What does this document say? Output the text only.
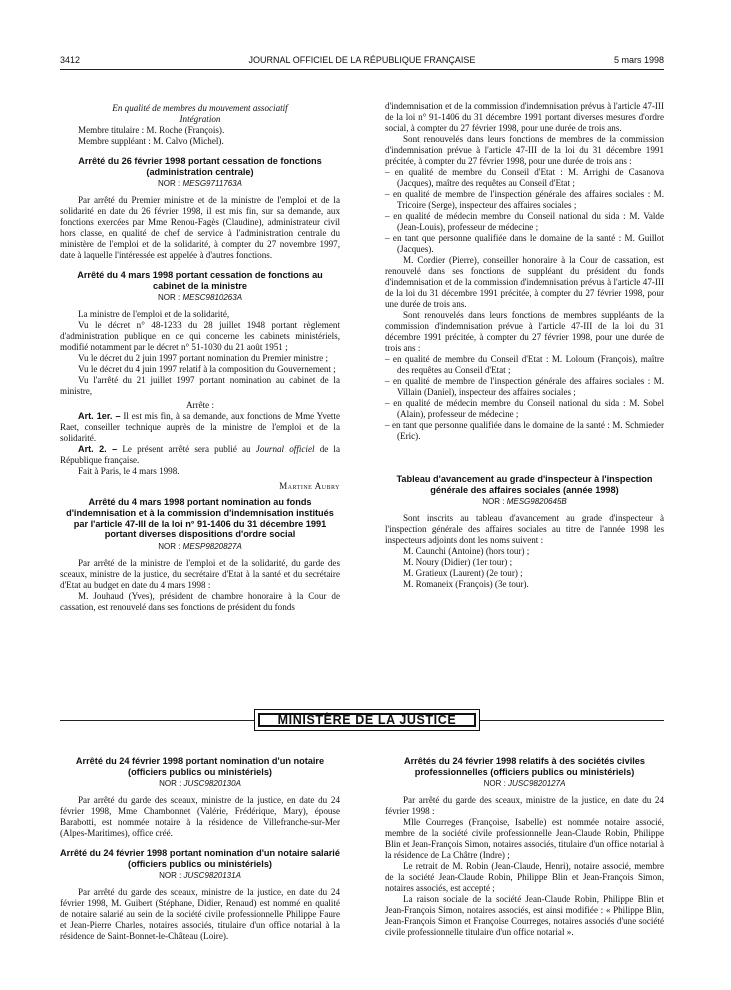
3412	JOURNAL OFFICIEL DE LA RÉPUBLIQUE FRANÇAISE	5 mars 1998

En qualité de membres du mouvement associatif

Intégration

Membre titulaire : M. Roche (François).

Membre suppléant : M. Calvo (Michel).

Arrêté du 26 février 1998 portant cessation de fonctions (administration centrale)

NOR : MESG9711763A

Par arrêté du Premier ministre et de la ministre de l'emploi et de la solidarité en date du 26 février 1998, il est mis fin, sur sa demande, aux fonctions exercées par Mme Renou-Fagès (Claudine), administrateur civil hors classe, en qualité de chef de service à l'administration centrale du ministère de l'emploi et de la solidarité, à compter du 27 novembre 1997, date à laquelle l'intéressée est appelée à d'autres fonctions.

Arrêté du 4 mars 1998 portant cessation de fonctions au cabinet de la ministre

NOR : MESC9810263A

La ministre de l'emploi et de la solidarité,

Vu le décret n° 48-1233 du 28 juillet 1948 portant règlement d'administration publique en ce qui concerne les cabinets ministériels, modifié notamment par le décret n° 51-1030 du 21 août 1951 ;

Vu le décret du 2 juin 1997 portant nomination du Premier ministre ;

Vu le décret du 4 juin 1997 relatif à la composition du Gouvernement ;

Vu l'arrêté du 21 juillet 1997 portant nomination au cabinet de la ministre,

Arrête :

Art. 1er. – Il est mis fin, à sa demande, aux fonctions de Mme Yvette Raet, conseiller technique auprès de la ministre de l'emploi et de la solidarité.

Art. 2. – Le présent arrêté sera publié au Journal officiel de la République française.

Fait à Paris, le 4 mars 1998.

Martine Aubry

Arrêté du 4 mars 1998 portant nomination au fonds d'indemnisation et à la commission d'indemnisation institués par l'article 47-III de la loi n° 91-1406 du 31 décembre 1991 portant diverses dispositions d'ordre social

NOR : MESP9820827A

Par arrêté de la ministre de l'emploi et de la solidarité, du garde des sceaux, ministre de la justice, du secrétaire d'Etat à la santé et du secrétaire d'Etat au budget en date du 4 mars 1998 :

M. Jouhaud (Yves), président de chambre honoraire à la Cour de cassation, est renouvelé dans ses fonctions de président du fonds

d'indemnisation et de la commission d'indemnisation prévus à l'article 47-III de la loi n° 91-1406 du 31 décembre 1991 portant diverses mesures d'ordre social, à compter du 27 février 1998, pour une durée de trois ans.

Sont renouvelés dans leurs fonctions de membres de la commission d'indemnisation prévue à l'article 47-III de la loi du 31 décembre 1991 précitée, à compter du 27 février 1998, pour une durée de trois ans :

– en qualité de membre du Conseil d'Etat : M. Arrighi de Casanova (Jacques), maître des requêtes au Conseil d'Etat ;

– en qualité de membre de l'inspection générale des affaires sociales : M. Tricoire (Serge), inspecteur des affaires sociales ;

– en qualité de médecin membre du Conseil national du sida : M. Valde (Jean-Louis), professeur de médecine ;

– en tant que personne qualifiée dans le domaine de la santé : M. Guillot (Jacques).

M. Cordier (Pierre), conseiller honoraire à la Cour de cassation, est renouvelé dans ses fonctions de suppléant du président du fonds d'indemnisation et de la commission d'indemnisation prévus à l'article 47-III de la loi du 31 décembre 1991 précitée, à compter du 27 février 1998, pour une durée de trois ans.

Sont renouvelés dans leurs fonctions de membres suppléants de la commission d'indemnisation prévue à l'article 47-III de la loi du 31 décembre 1991 précitée, à compter du 27 février 1998, pour une durée de trois ans :

– en qualité de membre du Conseil d'Etat : M. Loloum (François), maître des requêtes au Conseil d'Etat ;

– en qualité de membre de l'inspection générale des affaires sociales : M. Villain (Daniel), inspecteur des affaires sociales ;

– en qualité de médecin membre du Conseil national du sida : M. Sobel (Alain), professeur de médecine ;

– en tant que personne qualifiée dans le domaine de la santé : M. Schmieder (Eric).

Tableau d'avancement au grade d'inspecteur à l'inspection générale des affaires sociales (année 1998)

NOR : MESG9820645B

Sont inscrits au tableau d'avancement au grade d'inspecteur à l'inspection générale des affaires sociales au titre de l'année 1998 les inspecteurs adjoints dont les noms suivent :

M. Caunchi (Antoine) (hors tour) ;

M. Noury (Didier) (1er tour) ;

M. Gratieux (Laurent) (2e tour) ;

M. Romaneix (François) (3e tour).

MINISTÈRE DE LA JUSTICE

Arrêté du 24 février 1998 portant nomination d'un notaire (officiers publics ou ministériels)

NOR : JUSC9820130A

Par arrêté du garde des sceaux, ministre de la justice, en date du 24 février 1998, Mme Chambonnet (Valérie, Frédérique, Mary), épouse Barabotti, est nommée notaire à la résidence de Villefranche-sur-Mer (Alpes-Maritimes), office créé.

Arrêté du 24 février 1998 portant nomination d'un notaire salarié (officiers publics ou ministériels)

NOR : JUSC9820131A

Par arrêté du garde des sceaux, ministre de la justice, en date du 24 février 1998, M. Guibert (Stéphane, Didier, Renaud) est nommé en qualité de notaire salarié au sein de la société civile professionnelle Philippe Faure et Jean-Pierre Charles, notaires associés, titulaire d'un office notarial à la résidence de Saint-Bonnet-le-Château (Loire).

Arrêtés du 24 février 1998 relatifs à des sociétés civiles professionnelles (officiers publics ou ministériels)

NOR : JUSC9820127A

Par arrêté du garde des sceaux, ministre de la justice, en date du 24 février 1998 :

Mlle Courreges (Françoise, Isabelle) est nommée notaire associé, membre de la société civile professionnelle Jean-Claude Robin, Philippe Blin et Jean-François Simon, notaires associés, titulaire d'un office notarial à la résidence de La Châtre (Indre) ;

Le retrait de M. Robin (Jean-Claude, Henri), notaire associé, membre de la société Jean-Claude Robin, Philippe Blin et Jean-François Simon, notaires associés, est accepté ;

La raison sociale de la société Jean-Claude Robin, Philippe Blin et Jean-François Simon, notaires associés, est ainsi modifiée : « Philippe Blin, Jean-François Simon et Françoise Courreges, notaires associés d'une société civile professionnelle titulaire d'un office notarial ».
